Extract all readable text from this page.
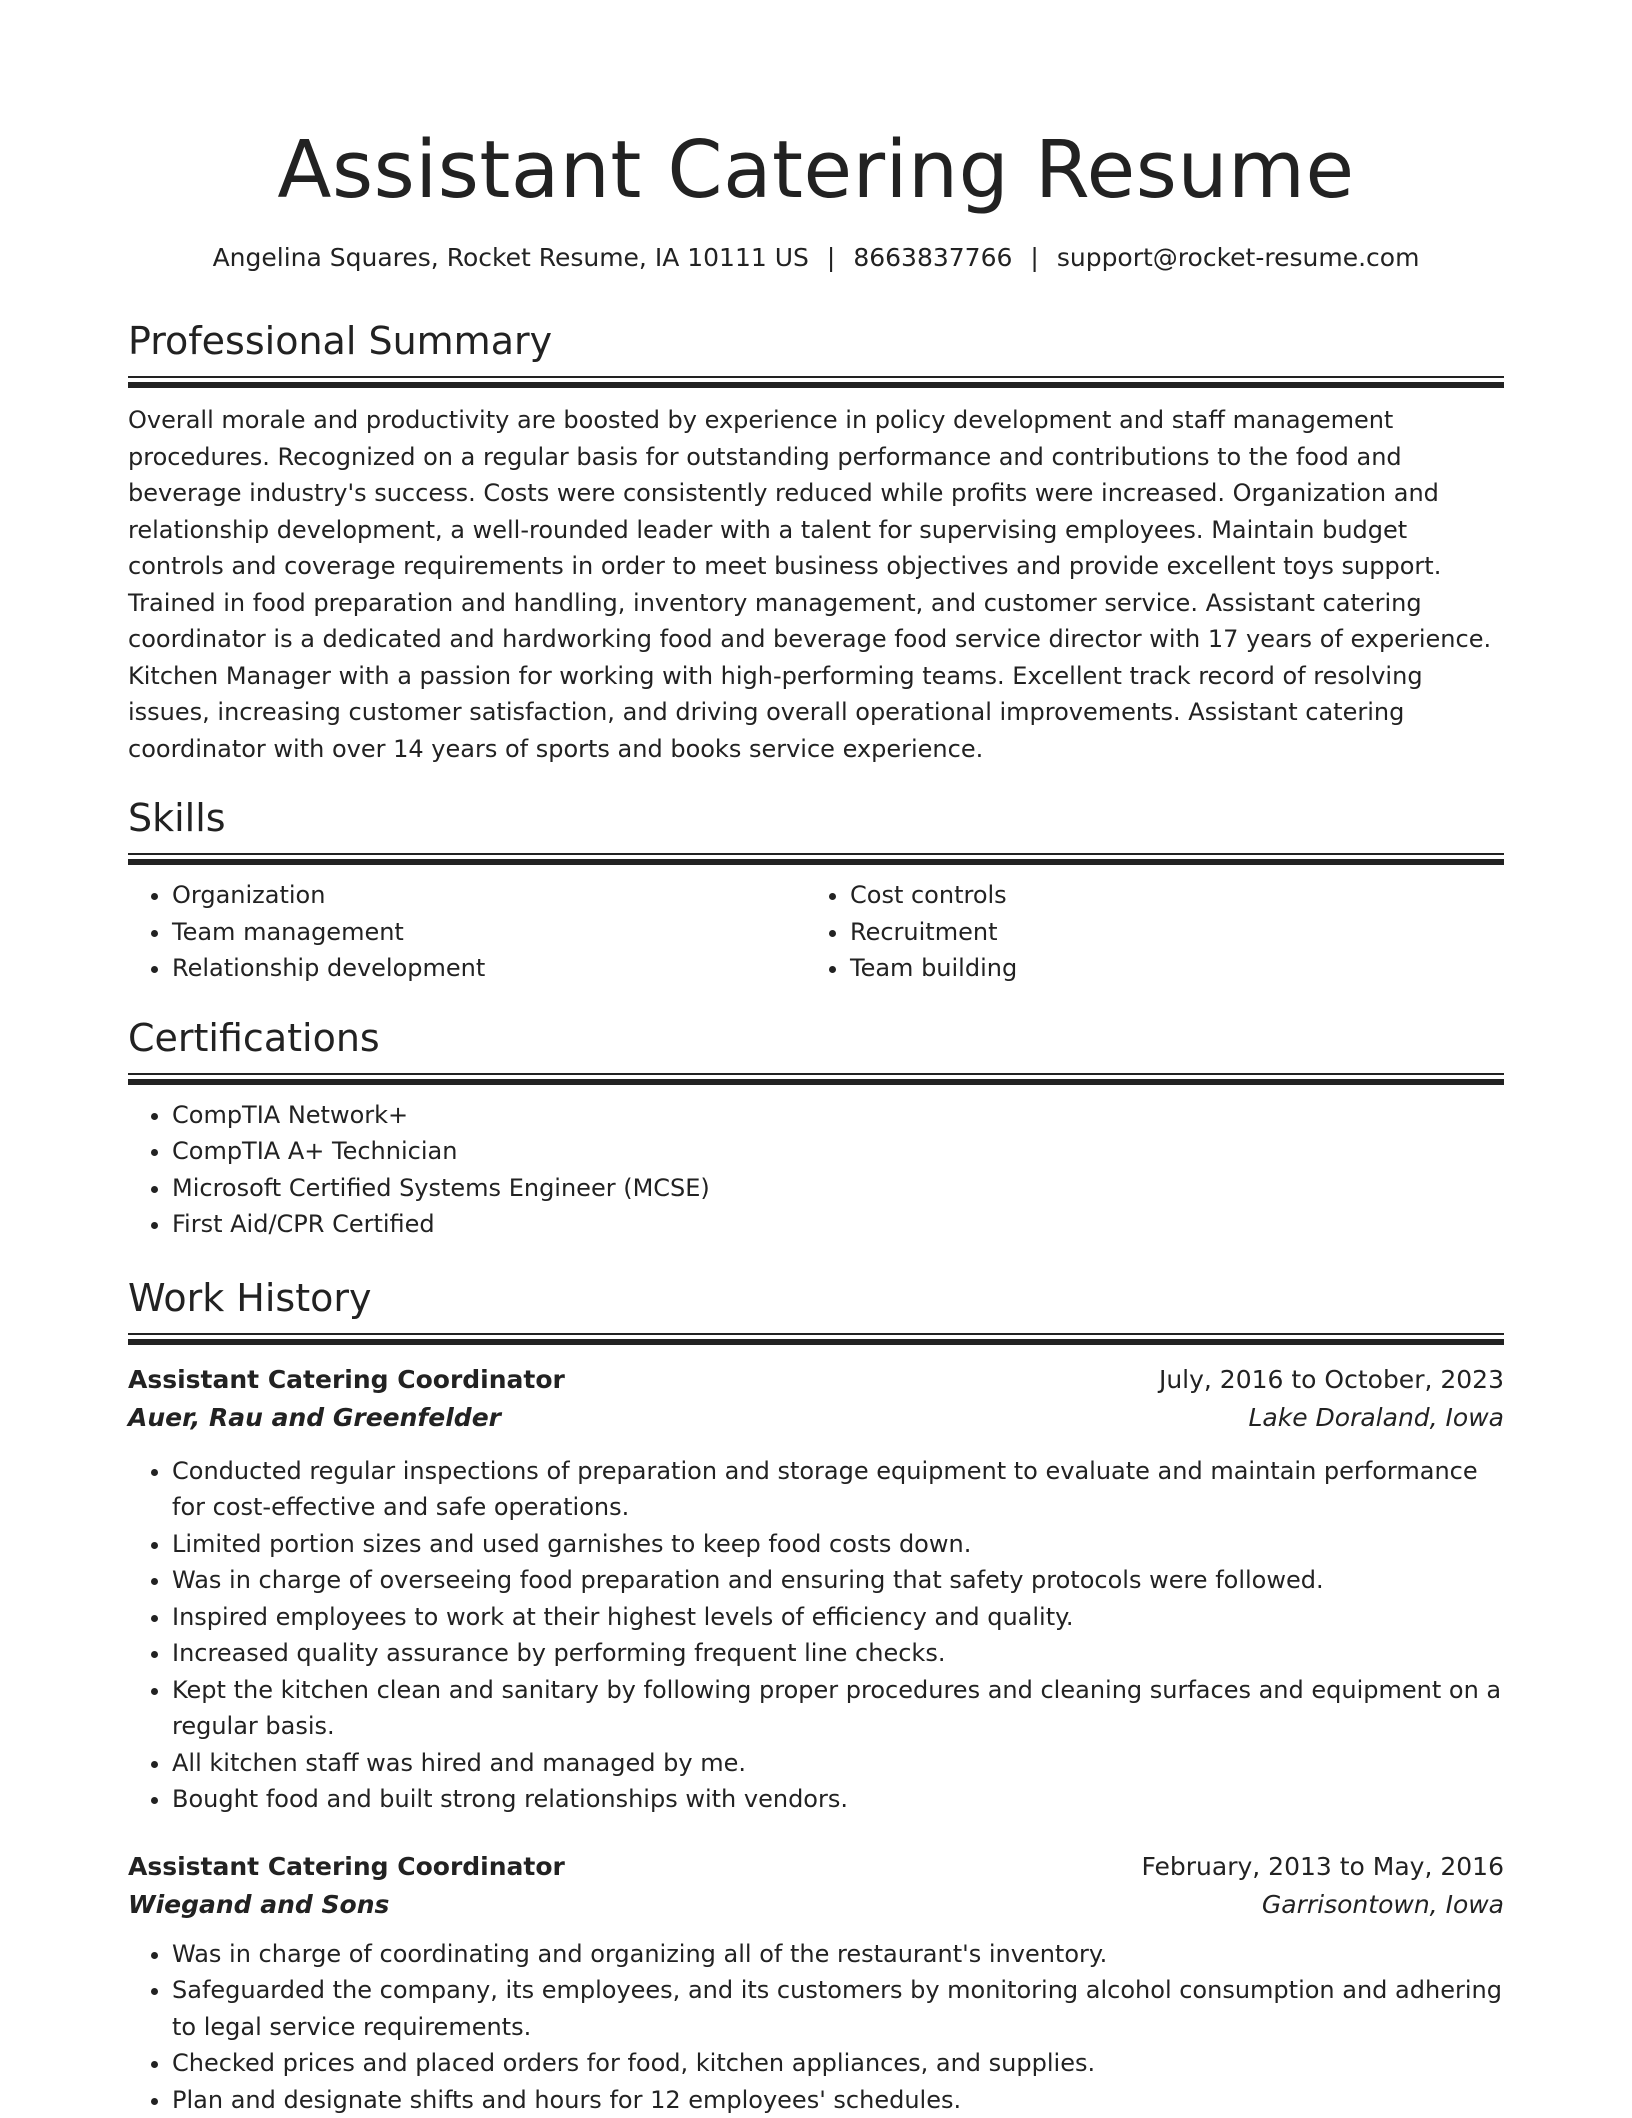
Assistant Catering Resume
Angelina Squares, Rocket Resume, IA 10111 US | 8663837766 | support@rocket-resume.com
Professional Summary

Overall morale and productivity are boosted by experience in policy development and staff management procedures. Recognized on a regular basis for outstanding performance and contributions to the food and beverage industry's success. Costs were consistently reduced while profits were increased. Organization and relationship development, a well-rounded leader with a talent for supervising employees. Maintain budget controls and coverage requirements in order to meet business objectives and provide excellent toys support. Trained in food preparation and handling, inventory management, and customer service. Assistant catering coordinator is a dedicated and hardworking food and beverage food service director with 17 years of experience. Kitchen Manager with a passion for working with high-performing teams. Excellent track record of resolving issues, increasing customer satisfaction, and driving overall operational improvements. Assistant catering coordinator with over 14 years of sports and books service experience.

Skills
• Organization
• Team management
• Relationship development
• Cost controls
• Recruitment
• Team building
Certifications
• CompTIA Network+
• CompTIA A+ Technician
• Microsoft Certified Systems Engineer (MCSE)
• First Aid/CPR Certified
Work History
Assistant Catering Coordinator	July, 2016 to October, 2023
Auer, Rau and Greenfelder	Lake Doraland, Iowa
• Conducted regular inspections of preparation and storage equipment to evaluate and maintain performance for cost-effective and safe operations.
• Limited portion sizes and used garnishes to keep food costs down.
• Was in charge of overseeing food preparation and ensuring that safety protocols were followed.
• Inspired employees to work at their highest levels of efficiency and quality.
• Increased quality assurance by performing frequent line checks.
• Kept the kitchen clean and sanitary by following proper procedures and cleaning surfaces and equipment on a regular basis.
• All kitchen staff was hired and managed by me.
• Bought food and built strong relationships with vendors.
Assistant Catering Coordinator	February, 2013 to May, 2016
Wiegand and Sons	Garrisontown, Iowa
• Was in charge of coordinating and organizing all of the restaurant's inventory.
• Safeguarded the company, its employees, and its customers by monitoring alcohol consumption and adhering to legal service requirements.
• Checked prices and placed orders for food, kitchen appliances, and supplies.
• Plan and designate shifts and hours for 12 employees' schedules.
